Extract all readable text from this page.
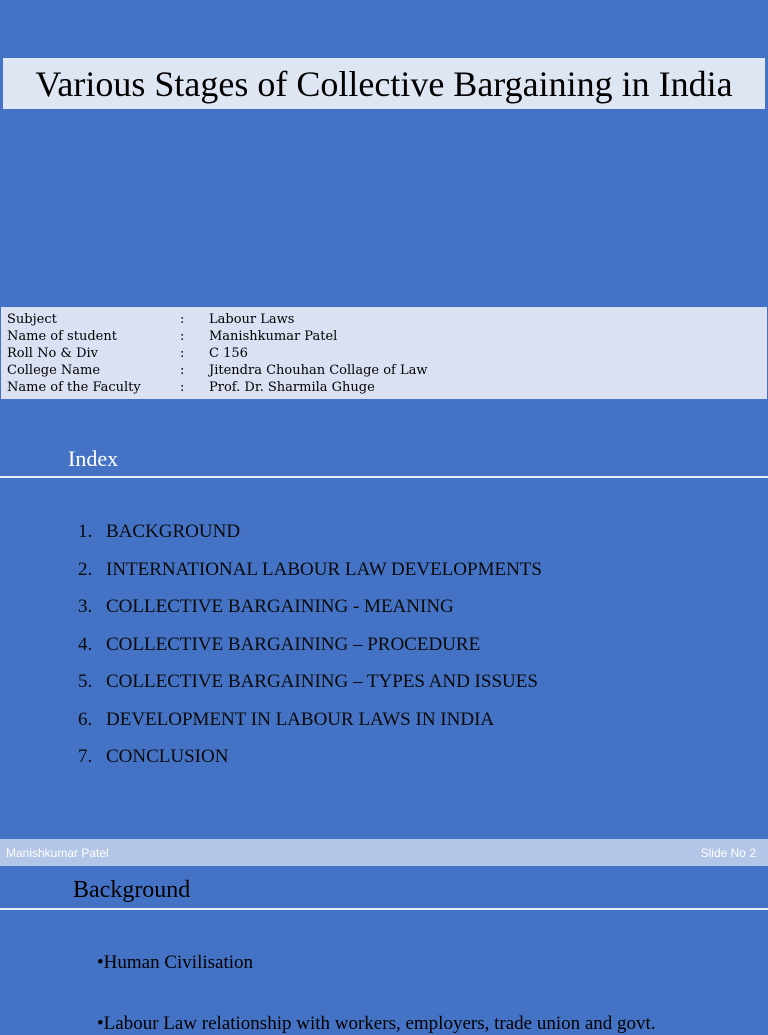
Various Stages of Collective Bargaining in India
Subject	: Labour Laws
Name of student	: Manishkumar Patel
Roll No & Div	: C 156
College Name	: Jitendra Chouhan Collage of Law
Name of the Faculty	: Prof. Dr. Sharmila Ghuge
Index
1. BACKGROUND
2. INTERNATIONAL LABOUR LAW DEVELOPMENTS
3. COLLECTIVE BARGAINING - MEANING
4. COLLECTIVE BARGAINING – PROCEDURE
5. COLLECTIVE BARGAINING – TYPES AND ISSUES
6. DEVELOPMENT IN LABOUR LAWS IN INDIA
7. CONCLUSION
Manishkumar Patel	Slide No 2
Background
•Human Civilisation
•Labour Law relationship with workers, employers, trade union and govt.
